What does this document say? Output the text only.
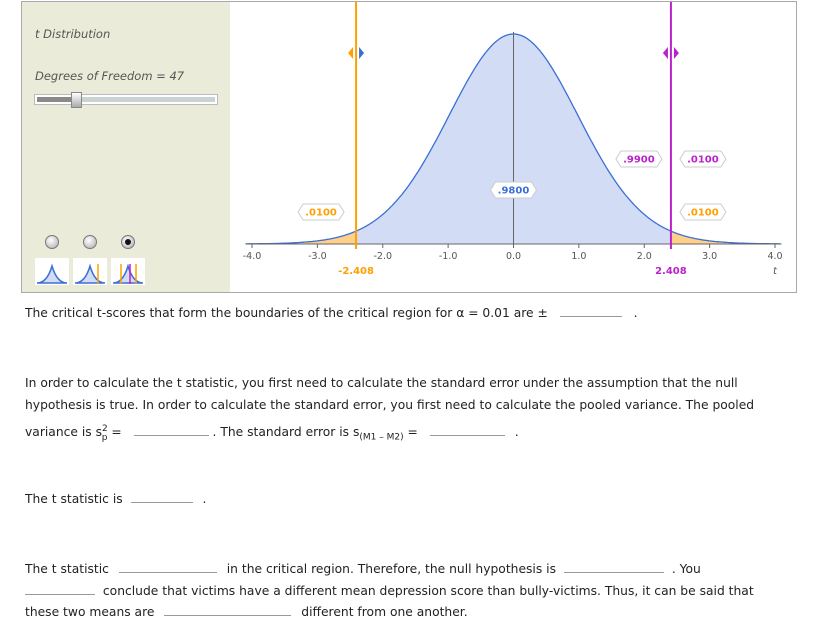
t Distribution
Degrees of Freedom = 47
-4.0	-3.0	-2.0	-1.0	0.0	1.0	2.0	3.0	4.0
t
-2.408	2.408
.0100
.9800
.9900	.0100
.0100
The critical t-scores that form the boundaries of the critical region for α = 0.01 are ±	.
In order to calculate the t statistic, you first need to calculate the standard error under the assumption that the null
hypothesis is true. In order to calculate the standard error, you first need to calculate the pooled variance. The pooled
variance is $s^2_p$ =	. The standard error is $s_{(M1 - M2)}$ =	.
The t statistic is	.
The t statistic	in the critical region. Therefore, the null hypothesis is	. You
conclude that victims have a different mean depression score than bully-victims. Thus, it can be said that
these two means are	different from one another.
